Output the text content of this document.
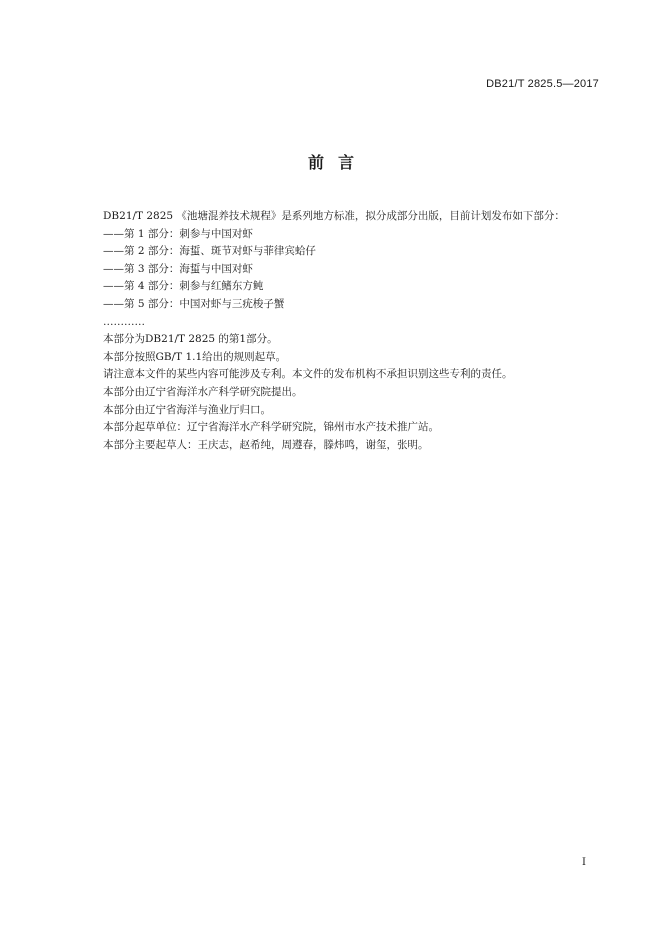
DB21/T 2825.5—2017
前言
DB21/T 2825 《池塘混养技术规程》是系列地方标准，拟分成部分出版，目前计划发布如下部分：
——第 1 部分：刺参与中国对虾
——第 2 部分：海蜇、斑节对虾与菲律宾蛤仔
——第 3 部分：海蜇与中国对虾
——第 4 部分：刺参与红鳍东方鲀
——第 5 部分：中国对虾与三疣梭子蟹
…………
本部分为DB21/T 2825 的第1部分。
本部分按照GB/T 1.1给出的规则起草。
请注意本文件的某些内容可能涉及专利。本文件的发布机构不承担识别这些专利的责任。
本部分由辽宁省海洋水产科学研究院提出。
本部分由辽宁省海洋与渔业厅归口。
本部分起草单位：辽宁省海洋水产科学研究院，锦州市水产技术推广站。
本部分主要起草人：王庆志，赵希纯，周遵春，滕炜鸣，谢玺，张明。
I
